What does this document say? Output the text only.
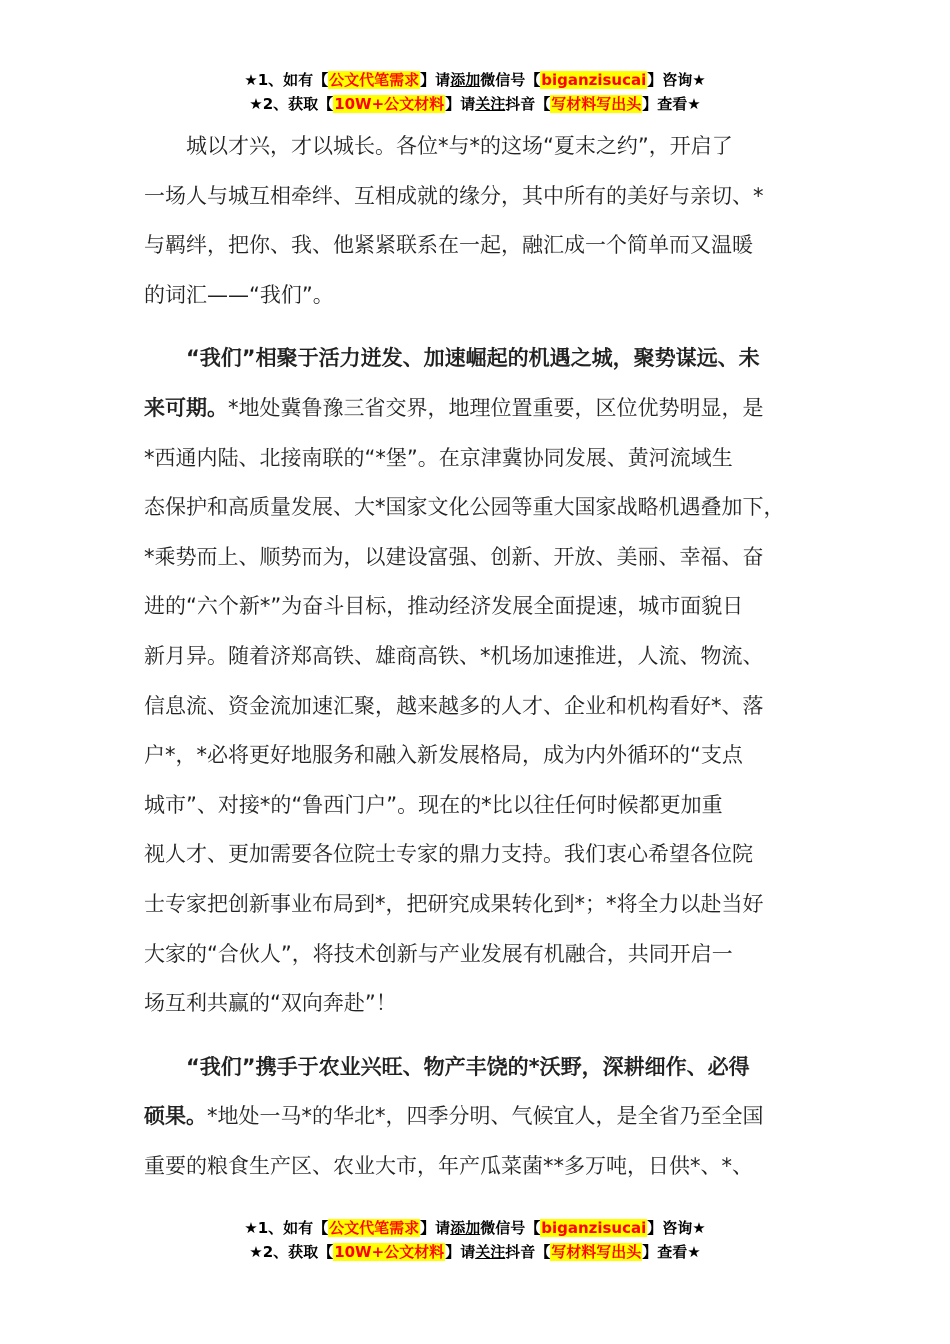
★1、如有【公文代笔需求】请添加微信号【biganzisucai】咨询★
★2、获取【10W+公文材料】请关注抖音【写材料写出头】查看★
城以才兴，才以城长。各位*与*的这场“夏末之约”，开启了
一场人与城互相牵绊、互相成就的缘分，其中所有的美好与亲切、*
与羁绊，把你、我、他紧紧联系在一起，融汇成一个简单而又温暖
的词汇——“我们”。
“我们”相聚于活力迸发、加速崛起的机遇之城，聚势谋远、未
来可期。*地处冀鲁豫三省交界，地理位置重要，区位优势明显，是
*西通内陆、北接南联的“*堡”。在京津冀协同发展、黄河流域生
态保护和高质量发展、大*国家文化公园等重大国家战略机遇叠加下，
*乘势而上、顺势而为，以建设富强、创新、开放、美丽、幸福、奋
进的“六个新*”为奋斗目标，推动经济发展全面提速，城市面貌日
新月异。随着济郑高铁、雄商高铁、*机场加速推进，人流、物流、
信息流、资金流加速汇聚，越来越多的人才、企业和机构看好*、落
户*，*必将更好地服务和融入新发展格局，成为内外循环的“支点
城市”、对接*的“鲁西门户”。现在的*比以往任何时候都更加重
视人才、更加需要各位院士专家的鼎力支持。我们衷心希望各位院
士专家把创新事业布局到*，把研究成果转化到*；*将全力以赴当好
大家的“合伙人”，将技术创新与产业发展有机融合，共同开启一
场互利共赢的“双向奔赴”！
“我们”携手于农业兴旺、物产丰饶的*沃野，深耕细作、必得
硕果。*地处一马*的华北*，四季分明、气候宜人，是全省乃至全国
重要的粮食生产区、农业大市，年产瓜菜菌**多万吨，日供*、*、
★1、如有【公文代笔需求】请添加微信号【biganzisucai】咨询★
★2、获取【10W+公文材料】请关注抖音【写材料写出头】查看★
